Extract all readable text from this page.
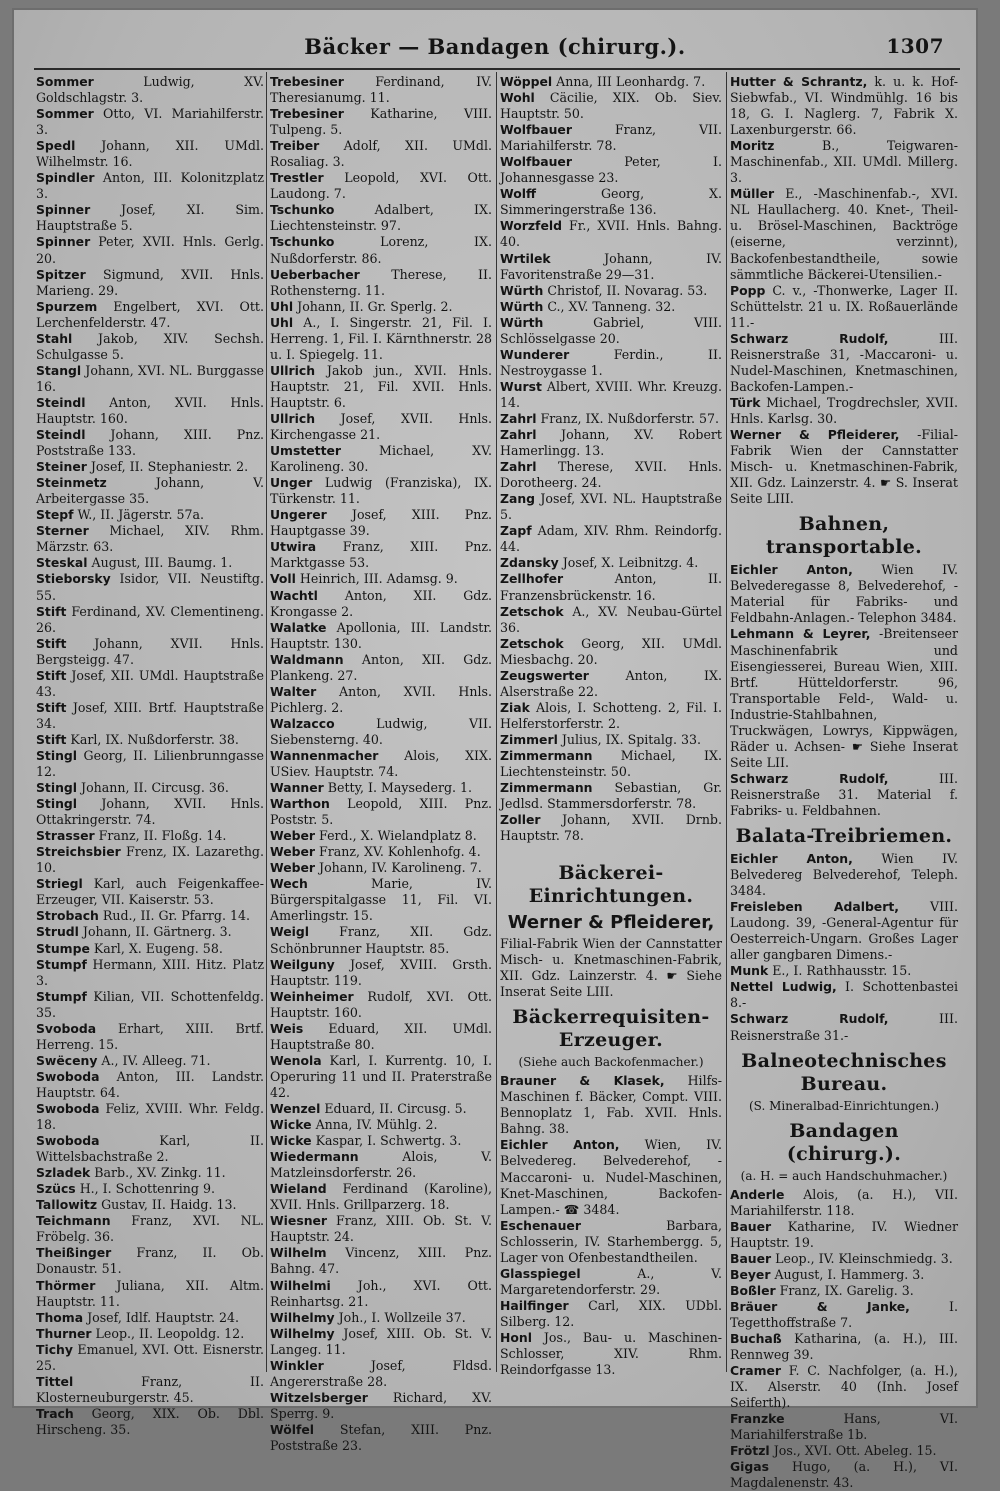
Bäcker — Bandagen (chirurg.).	1307

Sommer Ludwig, XV. Goldschlagstr. 3.

Sommer Otto, VI. Mariahilferstr. 3.

Spedl Johann, XII. UMdl. Wilhelmstr. 16.

Spindler Anton, III. Kolonitzplatz 3.

Spinner Josef, XI. Sim. Hauptstraße 5.

Spinner Peter, XVII. Hnls. Gerlg. 20.

Spitzer Sigmund, XVII. Hnls. Marieng. 29.

Spurzem Engelbert, XVI. Ott. Lerchenfelderstr. 47.

Stahl Jakob, XIV. Sechsh. Schulgasse 5.

Stangl Johann, XVI. NL. Burggasse 16.

Steindl Anton, XVII. Hnls. Hauptstr. 160.

Steindl Johann, XIII. Pnz. Poststraße 133.

Steiner Josef, II. Stephaniestr. 2.

Steinmetz Johann, V. Arbeitergasse 35.

Stepf W., II. Jägerstr. 57a.

Sterner Michael, XIV. Rhm. Märzstr. 63.

Steskal August, III. Baumg. 1.

Stieborsky Isidor, VII. Neustiftg. 55.

Stift Ferdinand, XV. Clementineng. 26.

Stift Johann, XVII. Hnls. Bergsteigg. 47.

Stift Josef, XII. UMdl. Hauptstraße 43.

Stift Josef, XIII. Brtf. Hauptstraße 34.

Stift Karl, IX. Nußdorferstr. 38.

Stingl Georg, II. Lilienbrunngasse 12.

Stingl Johann, II. Circusg. 36.

Stingl Johann, XVII. Hnls. Ottakringerstr. 74.

Strasser Franz, II. Floßg. 14.

Streichsbier Frenz, IX. Lazarethg. 10.

Striegl Karl, auch Feigenkaffee-Erzeuger, VII. Kaiserstr. 53.

Strobach Rud., II. Gr. Pfarrg. 14.

Strudl Johann, II. Gärtnerg. 3.

Stumpe Karl, X. Eugeng. 58.

Stumpf Hermann, XIII. Hitz. Platz 3.

Stumpf Kilian, VII. Schottenfeldg. 35.

Svoboda Erhart, XIII. Brtf. Herreng. 15.

Swëceny A., IV. Alleeg. 71.

Swoboda Anton, III. Landstr. Hauptstr. 64.

Swoboda Feliz, XVIII. Whr. Feldg. 18.

Swoboda Karl, II. Wittelsbachstraße 2.

Szladek Barb., XV. Zinkg. 11.

Szücs H., I. Schottenring 9.

Tallowitz Gustav, II. Haidg. 13.

Teichmann Franz, XVI. NL. Fröbelg. 36.

Theißinger Franz, II. Ob. Donaustr. 51.

Thörmer Juliana, XII. Altm. Hauptstr. 11.

Thoma Josef, Idlf. Hauptstr. 24.

Thurner Leop., II. Leopoldg. 12.

Tichy Emanuel, XVI. Ott. Eisnerstr. 25.

Tittel Franz, II. Klosterneuburgerstr. 45.

Trach Georg, XIX. Ob. Dbl. Hirscheng. 35.

Trebesiner Ferdinand, IV. Theresianumg. 11.

Trebesiner Katharine, VIII. Tulpeng. 5.

Treiber Adolf, XII. UMdl. Rosaliag. 3.

Trestler Leopold, XVI. Ott. Laudong. 7.

Tschunko Adalbert, IX. Liechtensteinstr. 97.

Tschunko Lorenz, IX. Nußdorferstr. 86.

Ueberbacher Therese, II. Rothensterng. 11.

Uhl Johann, II. Gr. Sperlg. 2.

Uhl A., I. Singerstr. 21, Fil. I. Herreng. 1, Fil. I. Kärnthnerstr. 28 u. I. Spiegelg. 11.

Ullrich Jakob jun., XVII. Hnls. Hauptstr. 21, Fil. XVII. Hnls. Hauptstr. 6.

Ullrich Josef, XVII. Hnls. Kirchengasse 21.

Umstetter Michael, XV. Karolineng. 30.

Unger Ludwig (Franziska), IX. Türkenstr. 11.

Ungerer Josef, XIII. Pnz. Hauptgasse 39.

Utwira Franz, XIII. Pnz. Marktgasse 53.

Voll Heinrich, III. Adamsg. 9.

Wachtl Anton, XII. Gdz. Krongasse 2.

Walatke Apollonia, III. Landstr. Hauptstr. 130.

Waldmann Anton, XII. Gdz. Plankeng. 27.

Walter Anton, XVII. Hnls. Pichlerg. 2.

Walzacco Ludwig, VII. Siebensterng. 40.

Wannenmacher Alois, XIX. USiev. Hauptstr. 74.

Wanner Betty, I. Maysederg. 1.

Warthon Leopold, XIII. Pnz. Poststr. 5.

Weber Ferd., X. Wielandplatz 8.

Weber Franz, XV. Kohlenhofg. 4.

Weber Johann, IV. Karolineng. 7.

Wech Marie, IV. Bürgerspitalgasse 11, Fil. VI. Amerlingstr. 15.

Weigl Franz, XII. Gdz. Schönbrunner Hauptstr. 85.

Weilguny Josef, XVIII. Grsth. Hauptstr. 119.

Weinheimer Rudolf, XVI. Ott. Hauptstr. 160.

Weis Eduard, XII. UMdl. Hauptstraße 80.

Wenola Karl, I. Kurrentg. 10, I. Operuring 11 und II. Praterstraße 42.

Wenzel Eduard, II. Circusg. 5.

Wicke Anna, IV. Mühlg. 2.

Wicke Kaspar, I. Schwertg. 3.

Wiedermann Alois, V. Matzleinsdorferstr. 26.

Wieland Ferdinand (Karoline), XVII. Hnls. Grillparzerg. 18.

Wiesner Franz, XIII. Ob. St. V. Hauptstr. 24.

Wilhelm Vincenz, XIII. Pnz. Bahng. 47.

Wilhelmi Joh., XVI. Ott. Reinhartsg. 21.

Wilhelmy Joh., I. Wollzeile 37.

Wilhelmy Josef, XIII. Ob. St. V. Langeg. 11.

Winkler Josef, Fldsd. Angererstraße 28.

Witzelsberger Richard, XV. Sperrg. 9.

Wölfel Stefan, XIII. Pnz. Poststraße 23.

Wöppel Anna, III Leonhardg. 7.

Wohl Cäcilie, XIX. Ob. Siev. Hauptstr. 50.

Wolfbauer Franz, VII. Mariahilferstr. 78.

Wolfbauer Peter, I. Johannesgasse 23.

Wolff Georg, X. Simmeringerstraße 136.

Worzfeld Fr., XVII. Hnls. Bahng. 40.

Wrtilek Johann, IV. Favoritenstraße 29—31.

Würth Christof, II. Novarag. 53.

Würth C., XV. Tanneng. 32.

Würth Gabriel, VIII. Schlösselgasse 20.

Wunderer Ferdin., II. Nestroygasse 1.

Wurst Albert, XVIII. Whr. Kreuzg. 14.

Zahrl Franz, IX. Nußdorferstr. 57.

Zahrl Johann, XV. Robert Hamerlingg. 13.

Zahrl Therese, XVII. Hnls. Dorotheerg. 24.

Zang Josef, XVI. NL. Hauptstraße 5.

Zapf Adam, XIV. Rhm. Reindorfg. 44.

Zdansky Josef, X. Leibnitzg. 4.

Zellhofer Anton, II. Franzensbrückenstr. 16.

Zetschok A., XV. Neubau-Gürtel 36.

Zetschok Georg, XII. UMdl. Miesbachg. 20.

Zeugswerter Anton, IX. Alserstraße 22.

Ziak Alois, I. Schotteng. 2, Fil. I. Helferstorferstr. 2.

Zimmerl Julius, IX. Spitalg. 33.

Zimmermann Michael, IX. Liechtensteinstr. 50.

Zimmermann Sebastian, Gr. Jedlsd. Stammersdorferstr. 78.

Zoller Johann, XVII. Drnb. Hauptstr. 78.

Bäckerei-Einrichtungen.
Werner & Pfleiderer,
Filial-Fabrik Wien der Cannstatter Misch- u. Knetmaschinen-Fabrik, XII. Gdz. Lainzerstr. 4. ☛ Siehe Inserat Seite LIII.
Bäckerrequisiten-Erzeuger.
(Siehe auch Backofenmacher.)

Brauner & Klasek, Hilfs-Maschinen f. Bäcker, Compt. VIII. Bennoplatz 1, Fab. XVII. Hnls. Bahng. 38.

Eichler Anton, Wien, IV. Belvedereg. Belvederehof, -Maccaroni- u. Nudel-Maschinen, Knet-Maschinen, Backofen-Lampen.- ☎ 3484.

Eschenauer Barbara, Schlosserin, IV. Starhembergg. 5, Lager von Ofenbestandtheilen.

Glasspiegel A., V. Margaretendorferstr. 29.

Hailfinger Carl, XIX. UDbl. Silberg. 12.

Honl Jos., Bau- u. Maschinen-Schlosser, XIV. Rhm. Reindorfgasse 13.

Hutter & Schrantz, k. u. k. Hof-Siebwfab., VI. Windmühlg. 16 bis 18, G. I. Naglerg. 7, Fabrik X. Laxenburgerstr. 66.

Moritz B., Teigwaren-Maschinenfab., XII. UMdl. Millerg. 3.

Müller E., -Maschinenfab.-, XVI. NL Haullacherg. 40. Knet-, Theil- u. Brösel-Maschinen, Backtröge (eiserne, verzinnt), Backofenbestandtheile, sowie sämmtliche Bäckerei-Utensilien.-

Popp C. v., -Thonwerke, Lager II. Schüttelstr. 21 u. IX. Roßauerlände 11.-

Schwarz Rudolf, III. Reisnerstraße 31, -Maccaroni- u. Nudel-Maschinen, Knetmaschinen, Backofen-Lampen.-

Türk Michael, Trogdrechsler, XVII. Hnls. Karlsg. 30.

Werner & Pfleiderer, -Filial-Fabrik Wien der Cannstatter Misch- u. Knetmaschinen-Fabrik, XII. Gdz. Lainzerstr. 4. ☛ S. Inserat Seite LIII.

Bahnen, transportable.

Eichler Anton, Wien IV. Belvederegasse 8, Belvederehof, -Material für Fabriks- und Feldbahn-Anlagen.- Telephon 3484.

Lehmann & Leyrer, -Breitenseer Maschinenfabrik und Eisengiesserei, Bureau Wien, XIII. Brtf. Hütteldorferstr. 96, Transportable Feld-, Wald- u. Industrie-Stahlbahnen, Truckwägen, Lowrys, Kippwägen, Räder u. Achsen- ☛ Siehe Inserat Seite LII.

Schwarz Rudolf, III. Reisnerstraße 31. Material f. Fabriks- u. Feldbahnen.

Balata-Treibriemen.

Eichler Anton, Wien IV. Belvedereg Belvederehof, Teleph. 3484.

Freisleben Adalbert, VIII. Laudong. 39, -General-Agentur für Oesterreich-Ungarn. Großes Lager aller gangbaren Dimens.-

Munk E., I. Rathhausstr. 15.

Nettel Ludwig, I. Schottenbastei 8.-

Schwarz Rudolf, III. Reisnerstraße 31.-

Balneotechnisches Bureau.
(S. Mineralbad-Einrichtungen.)
Bandagen (chirurg.).
(a. H. = auch Handschuhmacher.)

Anderle Alois, (a. H.), VII. Mariahilferstr. 118.

Bauer Katharine, IV. Wiedner Hauptstr. 19.

Bauer Leop., IV. Kleinschmiedg. 3.

Beyer August, I. Hammerg. 3.

Boßler Franz, IX. Garelig. 3.

Bräuer & Janke, I. Tegetthoffstraße 7.

Buchaß Katharina, (a. H.), III. Rennweg 39.

Cramer F. C. Nachfolger, (a. H.), IX. Alserstr. 40 (Inh. Josef Seiferth).

Franzke Hans, VI. Mariahilferstraße 1b.

Frötzl Jos., XVI. Ott. Abeleg. 15.

Gigas Hugo, (a. H.), VI. Magdalenenstr. 43.
